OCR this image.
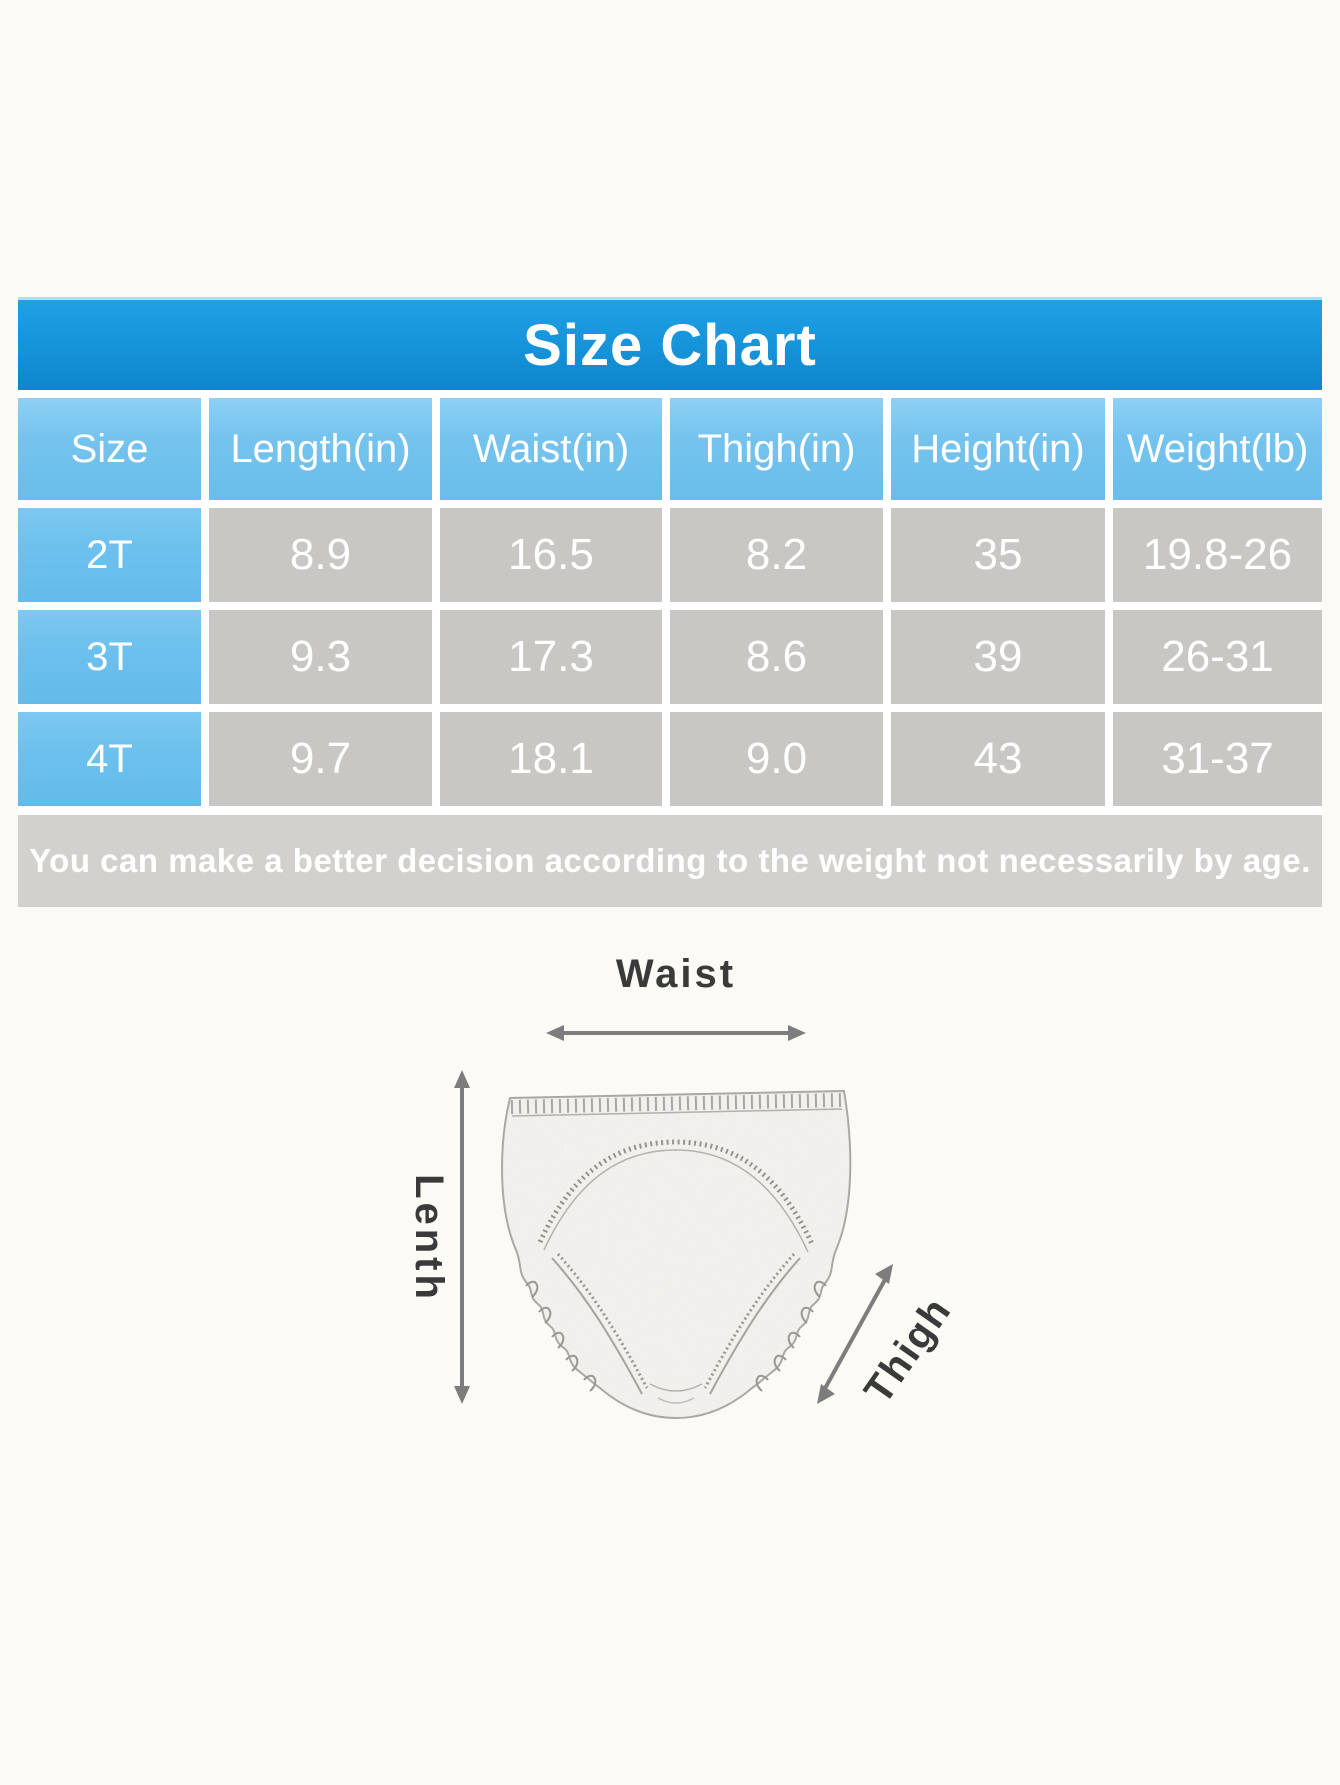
Size Chart
Size	Length(in)	Waist(in)	Thigh(in)	Height(in)	Weight(lb)
2T	8.9	16.5	8.2	35	19.8-26
3T	9.3	17.3	8.6	39	26-31
4T	9.7	18.1	9.0	43	31-37
You can make a better decision according to the weight not necessarily by age.
Waist
Lenth
Thigh
